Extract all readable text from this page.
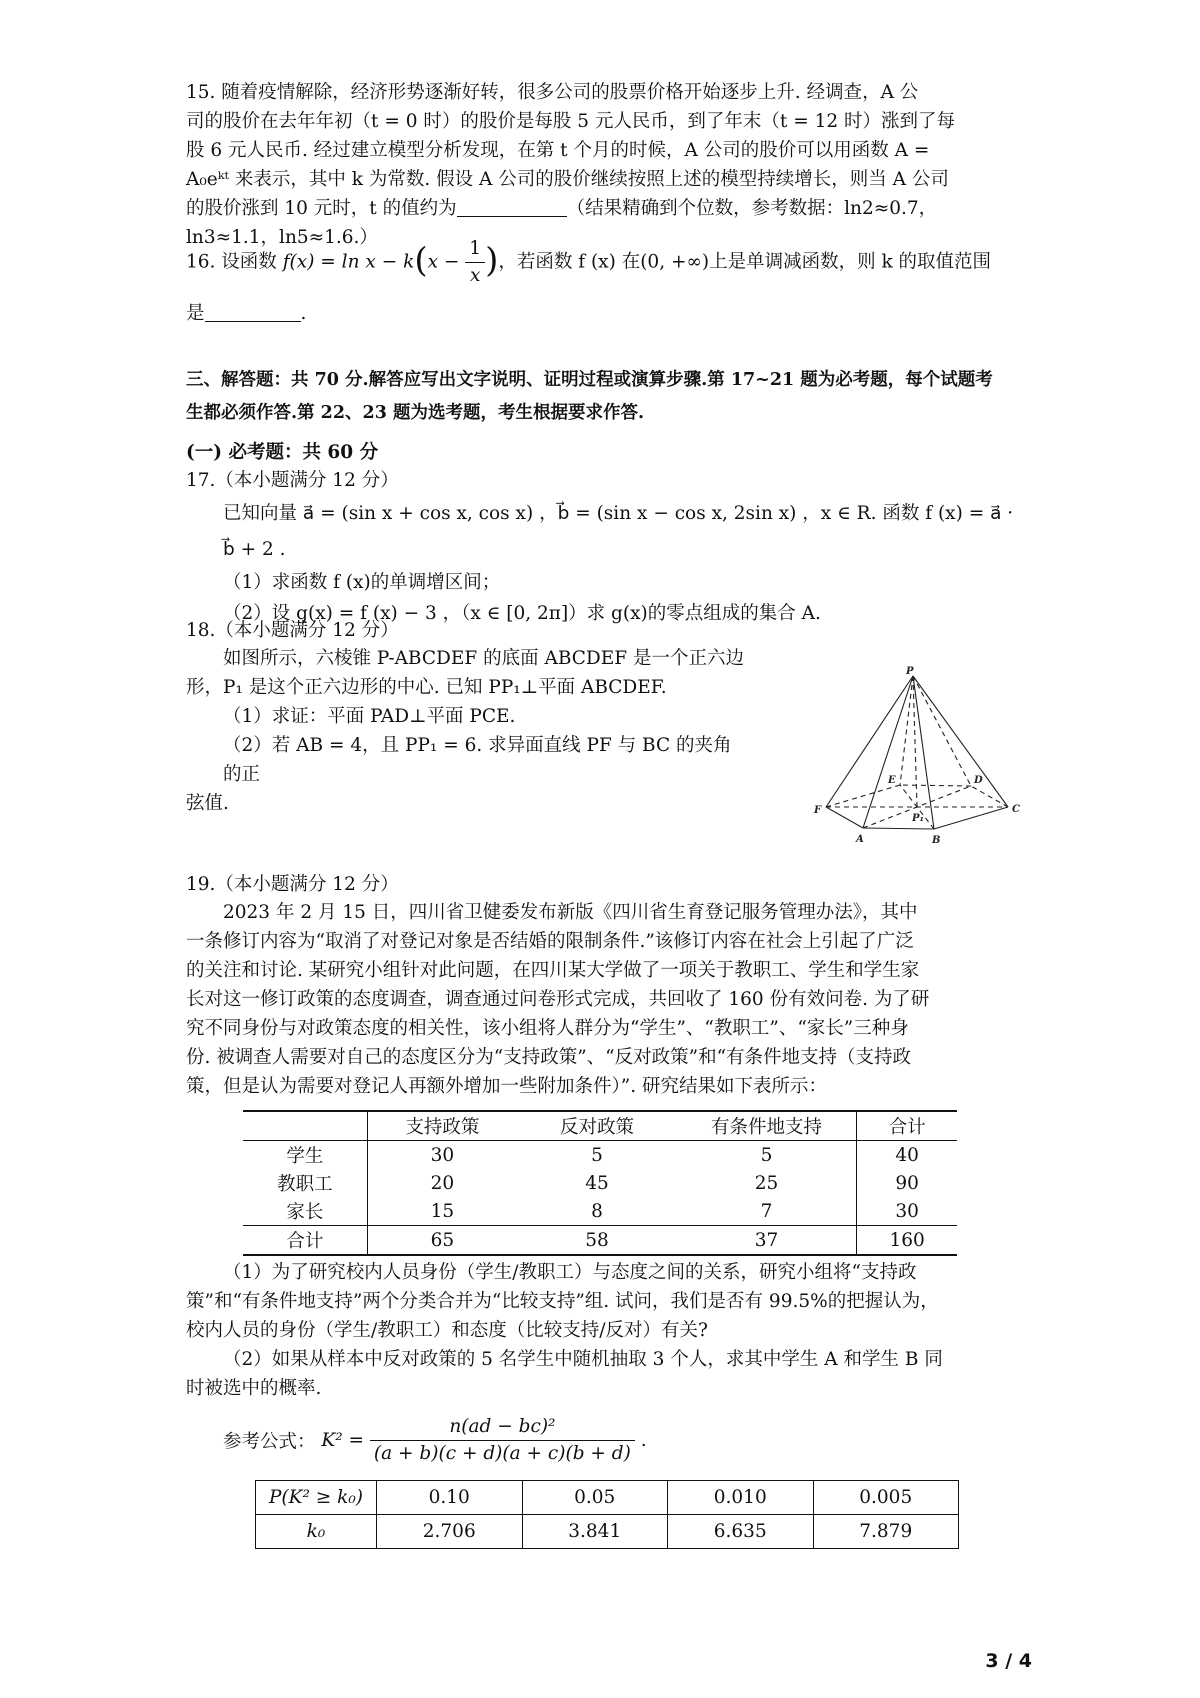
15. 随着疫情解除，经济形势逐渐好转，很多公司的股票价格开始逐步上升. 经调查，A 公
司的股价在去年年初（t = 0 时）的股价是每股 5 元人民币，到了年末（t = 12 时）涨到了每
股 6 元人民币. 经过建立模型分析发现，在第 t 个月的时候，A 公司的股价可以用函数 A =
A₀eᵏᵗ 来表示，其中 k 为常数. 假设 A 公司的股价继续按照上述的模型持续增长，则当 A 公司
的股价涨到 10 元时，t 的值约为	（结果精确到个位数，参考数据：ln2≈0.7，
ln3≈1.1，ln5≈1.6.）
16. 设函数 $f(x) = \ln x - k(x - \frac{1}{x}$ )，若函数 f (x) 在(0, +∞)上是单调减函数，则 k 的取值范围
是	.
三、解答题：共 70 分.解答应写出文字说明、证明过程或演算步骤.第 17~21 题为必考题，每个试题考
生都必须作答.第 22、23 题为选考题，考生根据要求作答.
(一) 必考题：共 60 分
17.（本小题满分 12 分）
已知向量 a⃗ = (sin x + cos x, cos x) ，b⃗ = (sin x − cos x, 2sin x) ，x ∈ R. 函数 f (x) = a⃗ · b⃗ + 2 .
（1）求函数 f (x)的单调增区间；
（2）设 g(x) = f (x) − 3 ，（x ∈ [0, 2π]）求 g(x)的零点组成的集合 A.
18.（本小题满分 12 分）
如图所示，六棱锥 P-ABCDEF 的底面 ABCDEF 是一个正六边
形，P₁ 是这个正六边形的中心. 已知 PP₁⊥平面 ABCDEF.
（1）求证：平面 PAD⊥平面 PCE.
（2）若 AB = 4，且 PP₁ = 6. 求异面直线 PF 与 BC 的夹角的正
弦值.
P
F
A	B
C
D
E
P₁
19.（本小题满分 12 分）
2023 年 2 月 15 日，四川省卫健委发布新版《四川省生育登记服务管理办法》，其中
一条修订内容为“取消了对登记对象是否结婚的限制条件.”该修订内容在社会上引起了广泛
的关注和讨论. 某研究小组针对此问题，在四川某大学做了一项关于教职工、学生和学生家
长对这一修订政策的态度调查，调查通过问卷形式完成，共回收了 160 份有效问卷. 为了研
究不同身份与对政策态度的相关性，该小组将人群分为“学生”、“教职工”、“家长”三种身
份. 被调查人需要对自己的态度区分为“支持政策”、“反对政策”和“有条件地支持（支持政
策，但是认为需要对登记人再额外增加一些附加条件）”. 研究结果如下表所示：
	支持政策	反对政策	有条件地支持	合计
学生	30	5	5	40
教职工	20	45	25	90
家长	15	8	7	30
合计	65	58	37	160
（1）为了研究校内人员身份（学生/教职工）与态度之间的关系，研究小组将“支持政
策”和“有条件地支持”两个分类合并为“比较支持”组. 试问，我们是否有 99.5%的把握认为，
校内人员的身份（学生/教职工）和态度（比较支持/反对）有关?
（2）如果从样本中反对政策的 5 名学生中随机抽取 3 个人，求其中学生 A 和学生 B 同
时被选中的概率.
参考公式： $K^2 = \frac{\text{n(ad − bc)²}}{(a + b)(c + d)(a + c)(b + d)}$ .
P(K² ≥ k₀)	0.10	0.05	0.010	0.005
k₀	2.706	3.841	6.635	7.879
3 / 4
